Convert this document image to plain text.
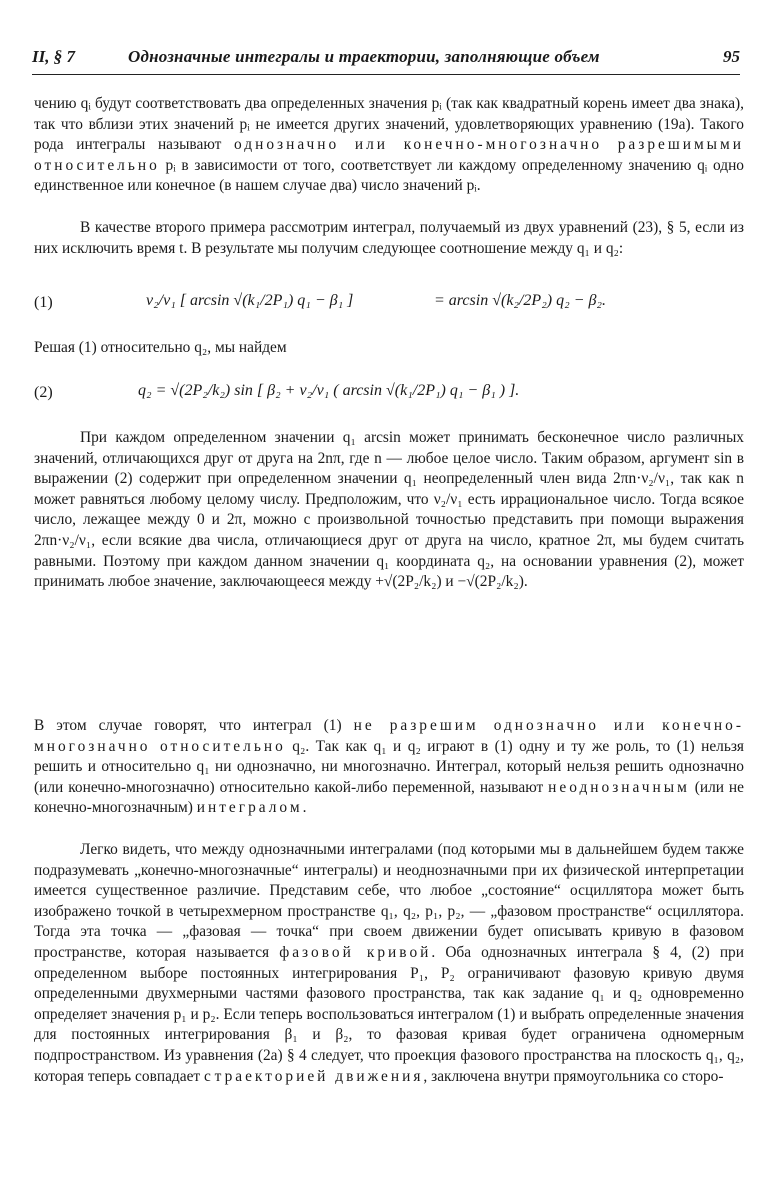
II, § 7	Однозначные интегралы и траектории, заполняющие объем	95

чению qᵢ будут соответствовать два определенных значения pᵢ (так как квадратный корень имеет два знака), так что вблизи этих значений pᵢ не имеется других значений, удовлетворяющих уравнению (19a). Такого рода интегралы называют однозначно или конечно-многозначно разрешимыми относительно pᵢ в зависимости от того, соответствует ли каждому определенному значению qᵢ одно единственное или конечное (в нашем случае два) число значений pᵢ.

В качестве второго примера рассмотрим интеграл, получаемый из двух уравнений (23), § 5, если из них исключить время t. В результате мы получим следующее соотношение между q₁ и q₂:

(1)	ν₂/ν₁ [ arcsin √(k₁/2P₁) q₁ − β₁ ]	= arcsin √(k₂/2P₂) q₂ − β₂.

Решая (1) относительно q₂, мы найдем

(2)	q₂ = √(2P₂/k₂) sin [ β₂ + ν₂/ν₁ ( arcsin √(k₁/2P₁) q₁ − β₁ ) ].

При каждом определенном значении q₁ arcsin может принимать бесконечное число различных значений, отличающихся друг от друга на 2nπ, где n — любое целое число. Таким образом, аргумент sin в выражении (2) содержит при определенном значении q₁ неопределенный член вида 2πn·ν₂/ν₁, так как n может равняться любому целому числу. Предположим, что ν₂/ν₁ есть иррациональное число. Тогда всякое число, лежащее между 0 и 2π, можно с произвольной точностью представить при помощи выражения 2πn·ν₂/ν₁, если всякие два числа, отличающиеся друг от друга на число, кратное 2π, мы будем считать равными. Поэтому при каждом данном значении q₁ координата q₂, на основании уравнения (2), может принимать любое значение, заключающееся между +√(2P₂/k₂) и −√(2P₂/k₂).

В этом случае говорят, что интеграл (1) не разрешим однозначно или конечно-многозначно относительно q₂. Так как q₁ и q₂ играют в (1) одну и ту же роль, то (1) нельзя решить и относительно q₁ ни однозначно, ни многозначно. Интеграл, который нельзя решить однозначно (или конечно-многозначно) относительно какой-либо переменной, называют неоднозначным (или не конечно-многозначным) интегралом.

Легко видеть, что между однозначными интегралами (под которыми мы в дальнейшем будем также подразумевать „конечно-многозначные“ интегралы) и неоднозначными при их физической интерпретации имеется существенное различие. Представим себе, что любое „состояние“ осциллятора может быть изображено точкой в четырехмерном пространстве q₁, q₂, p₁, p₂, — „фазовом пространстве“ осциллятора. Тогда эта точка — „фазовая — точка“ при своем движении будет описывать кривую в фазовом пространстве, которая называется фазовой кривой. Оба однозначных интеграла § 4, (2) при определенном выборе постоянных интегрирования P₁, P₂ ограничивают фазовую кривую двумя определенными двухмерными частями фазового пространства, так как задание q₁ и q₂ одновременно определяет значения p₁ и p₂. Если теперь воспользоваться интегралом (1) и выбрать определенные значения для постоянных интегрирования β₁ и β₂, то фазовая кривая будет ограничена одномерным подпространством. Из уравнения (2a) § 4 следует, что проекция фазового пространства на плоскость q₁, q₂, которая теперь совпадает с траекторией движения, заключена внутри прямоугольника со сторо-
